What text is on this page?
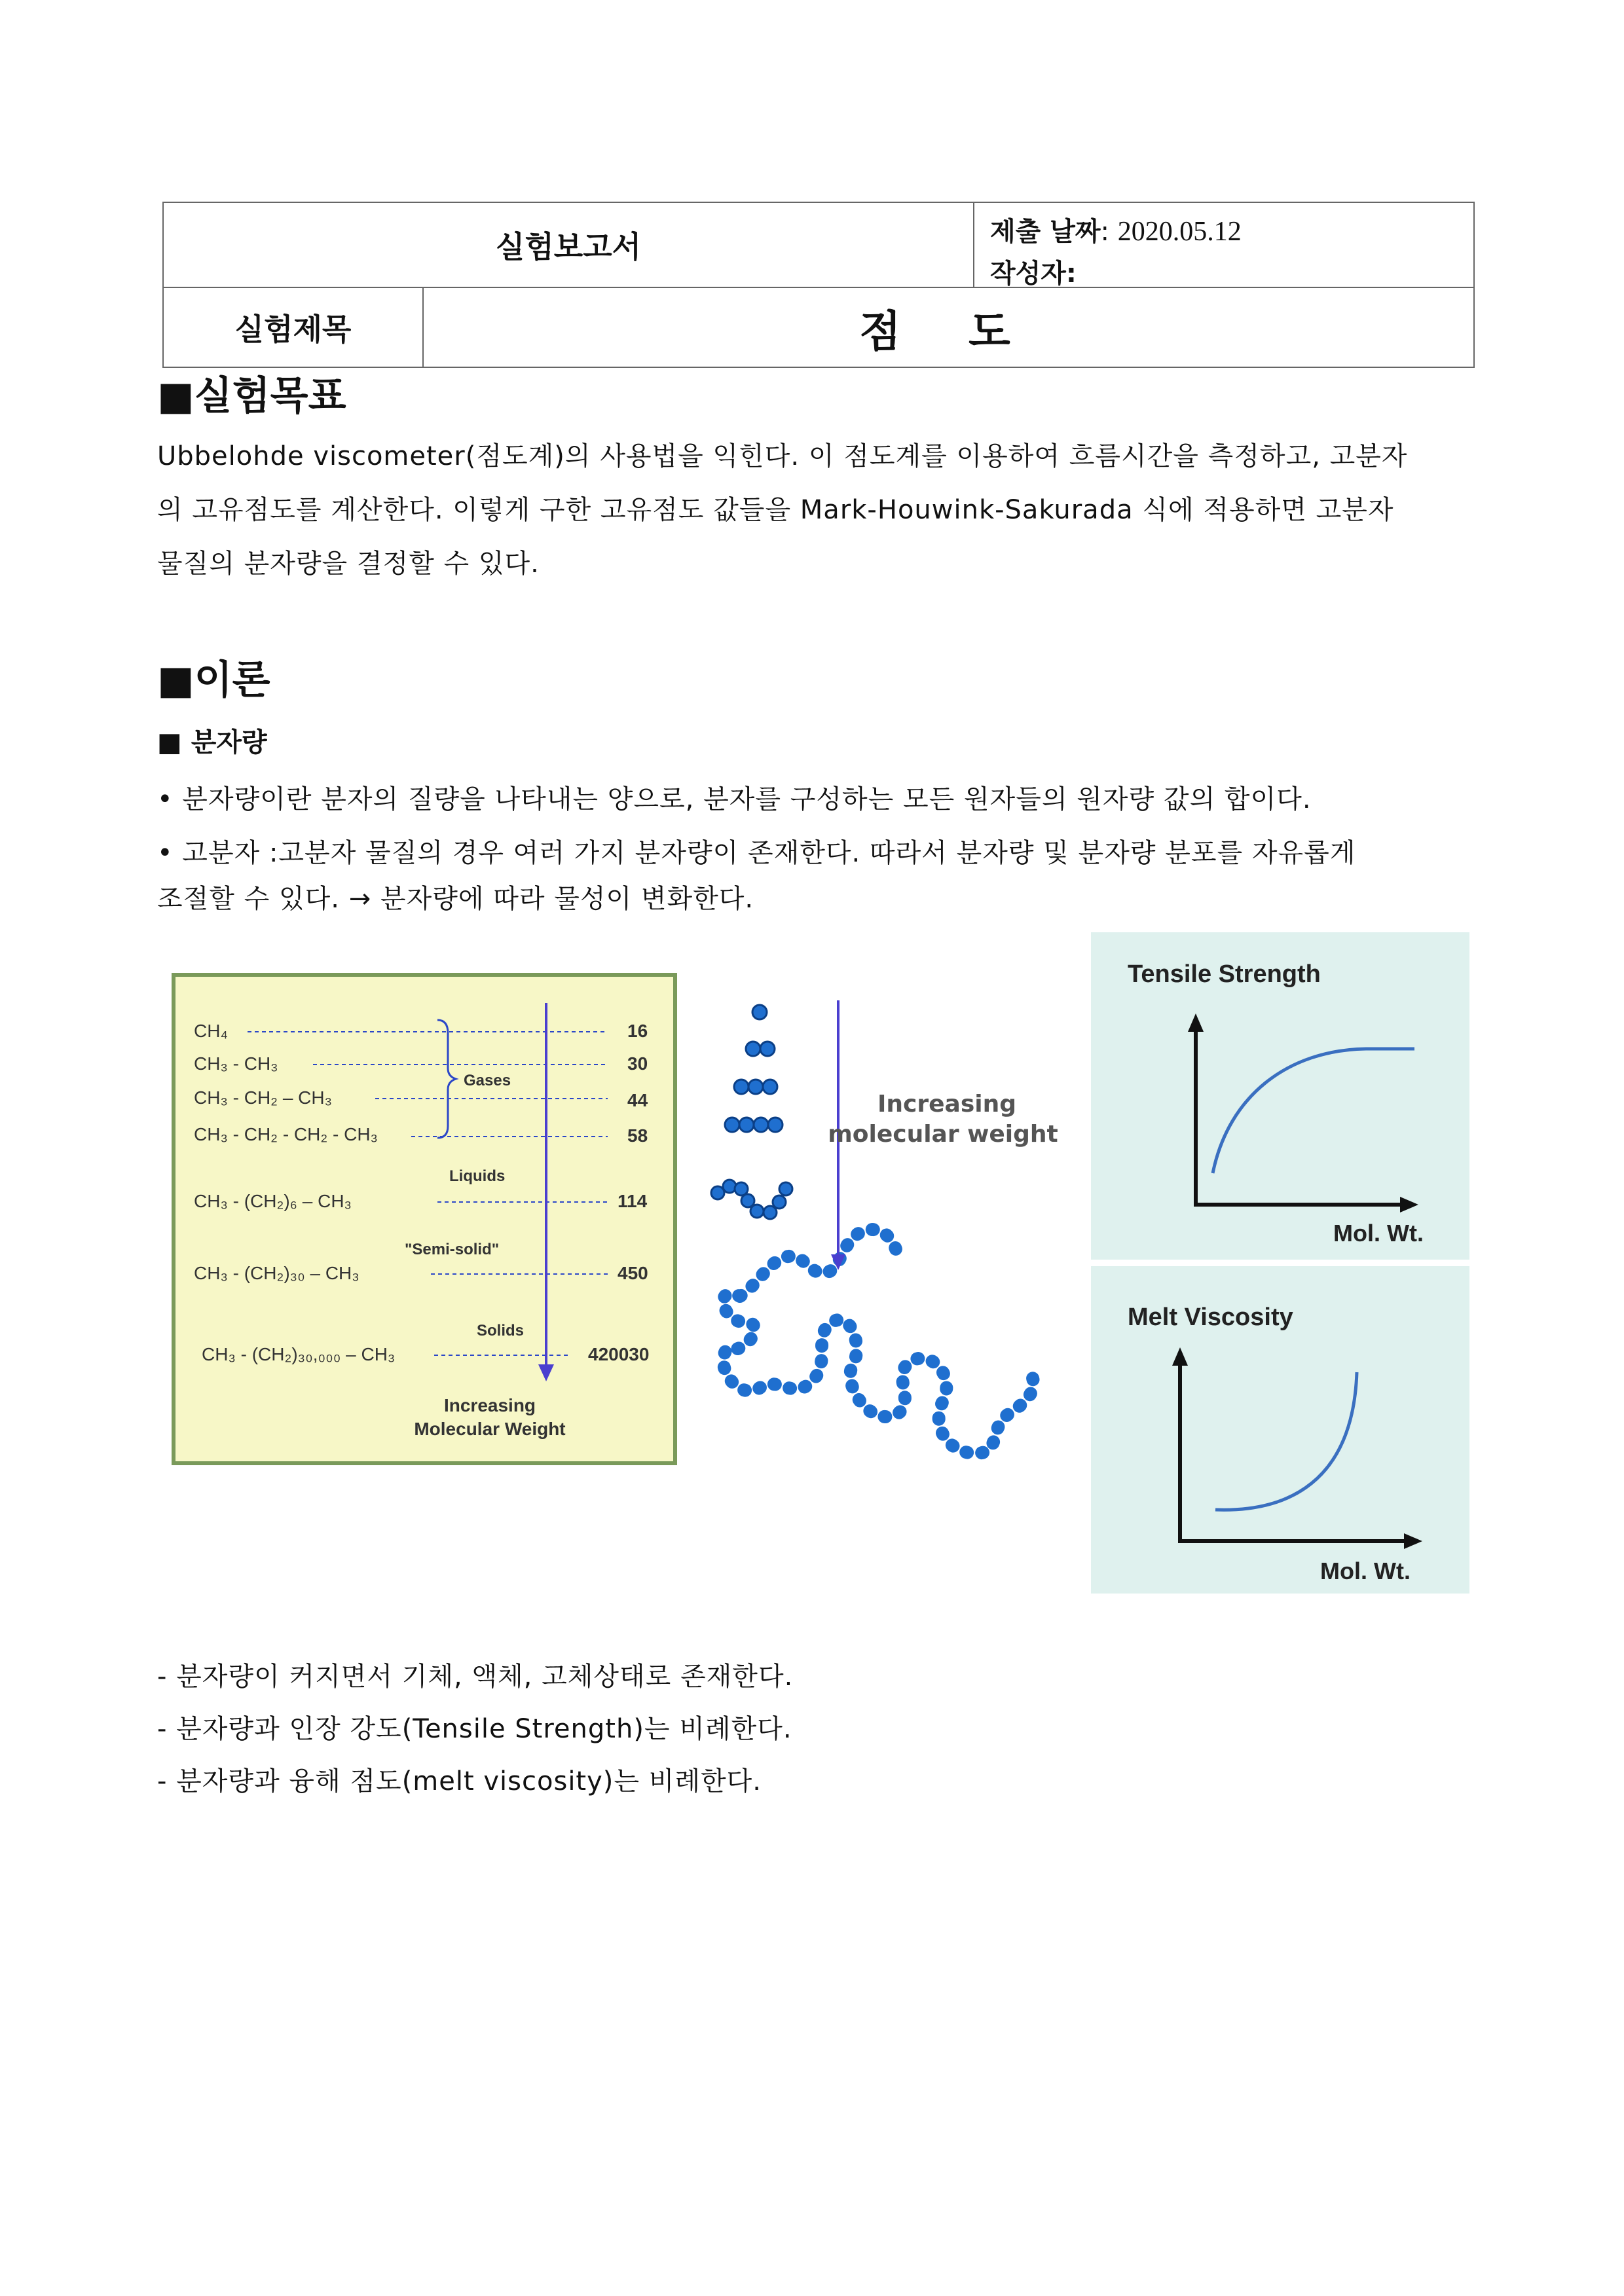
실험보고서	제출 날짜: 2020.05.12
작성자:
실험제목	점 도
■실험목표
Ubbelohde viscometer(점도계)의 사용법을 익힌다. 이 점도계를 이용하여 흐름시간을 측정하고, 고분자
의 고유점도를 계산한다. 이렇게 구한 고유점도 값들을 Mark-Houwink-Sakurada 식에 적용하면 고분자
물질의 분자량을 결정할 수 있다.
■이론
■ 분자량
• 분자량이란 분자의 질량을 나타내는 양으로, 분자를 구성하는 모든 원자들의 원자량 값의 합이다.
• 고분자 :고분자 물질의 경우 여러 가지 분자량이 존재한다. 따라서 분자량 및 분자량 분포를 자유롭게
조절할 수 있다. → 분자량에 따라 물성이 변화한다.
CH₄	16
CH₃ - CH₃	30
CH₃ - CH₂ – CH₃	44
CH₃ - CH₂ - CH₂ - CH₃	58
Gases
Liquids
CH₃ - (CH₂)₆ – CH₃	114
"Semi-solid"
CH₃ - (CH₂)₃₀ – CH₃	450
Solids
CH₃ - (CH₂)₃₀,₀₀₀ – CH₃	420030
Increasing
Molecular Weight
Increasing
molecular weight
Tensile Strength
Mol. Wt.
Melt Viscosity
Mol. Wt.
- 분자량이 커지면서 기체, 액체, 고체상태로 존재한다.
- 분자량과 인장 강도(Tensile Strength)는 비례한다.
- 분자량과 융해 점도(melt viscosity)는 비례한다.
